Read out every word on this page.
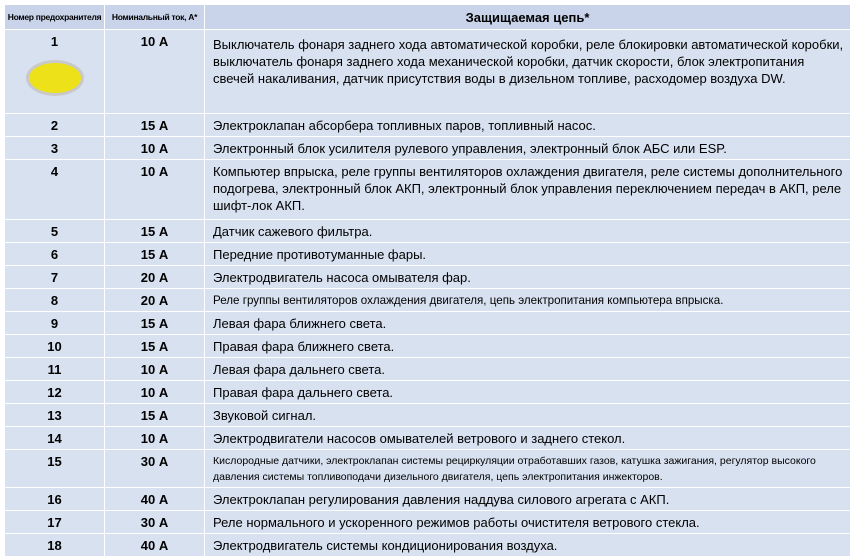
Номер предохранителя	Номинальный ток, А*	Защищаемая цепь*

1	10 А	Выключатель фонаря заднего хода автоматической коробки, реле блокировки автоматической коробки, выключатель фонаря заднего хода механической коробки, датчик скорости, блок электропитания свечей накаливания, датчик присутствия воды в дизельном топливе, расходомер воздуха DW.
2	15 А	Электроклапан абсорбера топливных паров, топливный насос.
3	10 А	Электронный блок усилителя рулевого управления, электронный блок АБС или ESP.
4	10 А	Компьютер впрыска, реле группы вентиляторов охлаждения двигателя, реле системы дополнительного подогрева, электронный блок АКП, электронный блок управления переключением передач в АКП, реле шифт-лок АКП.
5	15 А	Датчик сажевого фильтра.
6	15 А	Передние противотуманные фары.
7	20 А	Электродвигатель насоса омывателя фар.
8	20 А	Реле группы вентиляторов охлаждения двигателя, цепь электропитания компьютера впрыска.
9	15 А	Левая фара ближнего света.
10	15 А	Правая фара ближнего света.
11	10 А	Левая фара дальнего света.
12	10 А	Правая фара дальнего света.
13	15 А	Звуковой сигнал.
14	10 А	Электродвигатели насосов омывателей ветрового и заднего стекол.
15	30 А	Кислородные датчики, электроклапан системы рециркуляции отработавших газов, катушка зажигания, регулятор высокого давления системы топливоподачи дизельного двигателя, цепь электропитания инжекторов.
16	40 А	Электроклапан регулирования давления наддува силового агрегата с АКП.
17	30 А	Реле нормального и ускоренного режимов работы очистителя ветрового стекла.
18	40 А	Электродвигатель системы кондиционирования воздуха.
